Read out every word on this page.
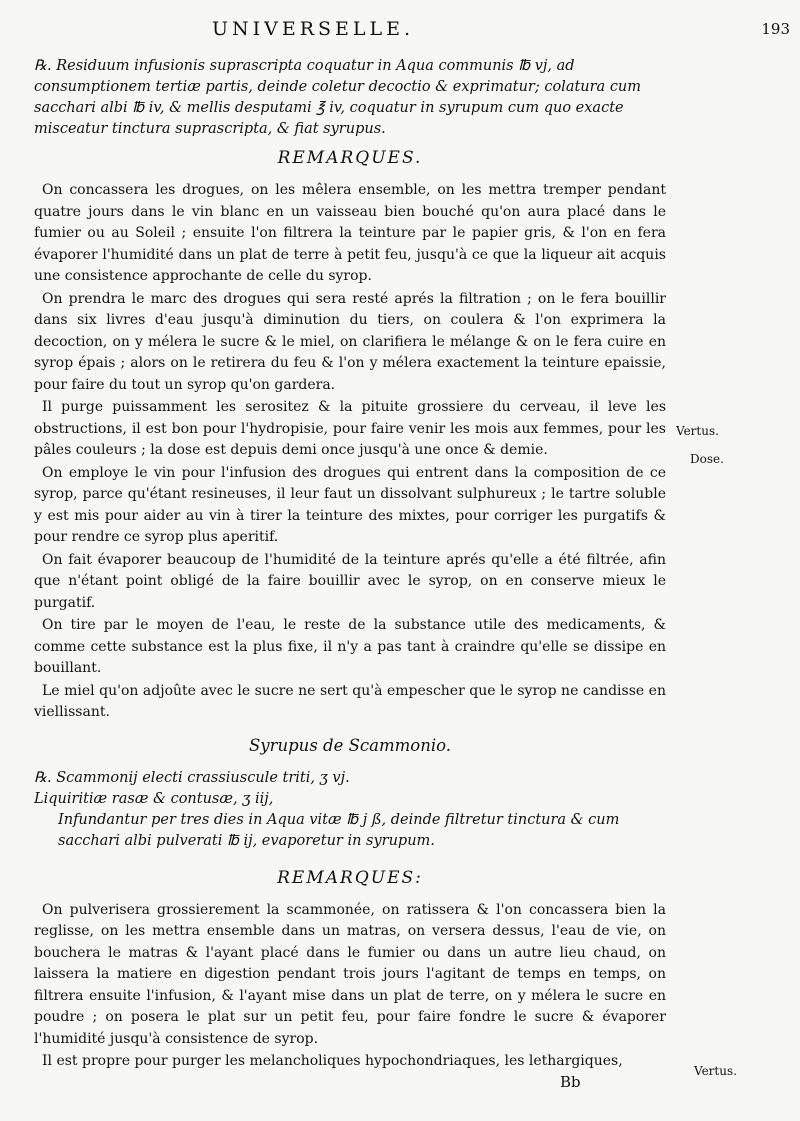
UNIVERSELLE.	193

℞. Residuum infusionis suprascripta coquatur in Aqua communis ℔ vj, ad consumptionem tertiæ partis, deinde coletur decoctio & exprimatur; colatura cum sacchari albi ℔ iv, & mellis desputami ℥ iv, coquatur in syrupum cum quo exacte misceatur tinctura suprascripta, & fiat syrupus.

REMARQUES.

On concassera les drogues, on les mêlera ensemble, on les mettra tremper pendant quatre jours dans le vin blanc en un vaisseau bien bouché qu'on aura placé dans le fumier ou au Soleil ; ensuite l'on filtrera la teinture par le papier gris, & l'on en fera évaporer l'humidité dans un plat de terre à petit feu, jusqu'à ce que la liqueur ait acquis une consistence approchante de celle du syrop.

On prendra le marc des drogues qui sera resté aprés la filtration ; on le fera bouillir dans six livres d'eau jusqu'à diminution du tiers, on coulera & l'on exprimera la decoction, on y mélera le sucre & le miel, on clarifiera le mélange & on le fera cuire en syrop épais ; alors on le retirera du feu & l'on y mélera exactement la teinture epaissie, pour faire du tout un syrop qu'on gardera.

Il purge puissamment les serositez & la pituite grossiere du cerveau, il leve les obstructions, il est bon pour l'hydropisie, pour faire venir les mois aux femmes, pour les pâles couleurs ; la dose est depuis demi once jusqu'à une once & demie.

On employe le vin pour l'infusion des drogues qui entrent dans la composition de ce syrop, parce qu'étant resineuses, il leur faut un dissolvant sulphureux ; le tartre soluble y est mis pour aider au vin à tirer la teinture des mixtes, pour corriger les purgatifs & pour rendre ce syrop plus aperitif.

On fait évaporer beaucoup de l'humidité de la teinture aprés qu'elle a été filtrée, afin que n'étant point obligé de la faire bouillir avec le syrop, on en conserve mieux le purgatif.

On tire par le moyen de l'eau, le reste de la substance utile des medicaments, & comme cette substance est la plus fixe, il n'y a pas tant à craindre qu'elle se dissipe en bouillant.

Le miel qu'on adjoûte avec le sucre ne sert qu'à empescher que le syrop ne candisse en viellissant.

Syrupus de Scammonio.

℞. Scammonij electi crassiuscule triti, ʒ vj.

Liquiritiæ rasæ & contusæ, ʒ iij,

Infundantur per tres dies in Aqua vitæ ℔ j ß, deinde filtretur tinctura & cum sacchari albi pulverati ℔ ij, evaporetur in syrupum.

REMARQUES:

On pulverisera grossierement la scammonée, on ratissera & l'on concassera bien la reglisse, on les mettra ensemble dans un matras, on versera dessus, l'eau de vie, on bouchera le matras & l'ayant placé dans le fumier ou dans un autre lieu chaud, on laissera la matiere en digestion pendant trois jours l'agitant de temps en temps, on filtrera ensuite l'infusion, & l'ayant mise dans un plat de terre, on y mélera le sucre en poudre ; on posera le plat sur un petit feu, pour faire fondre le sucre & évaporer l'humidité jusqu'à consistence de syrop.

Il est propre pour purger les melancholiques hypochondriaques, les lethargiques,

Vertus.
Dose.
Vertus.
Bb
